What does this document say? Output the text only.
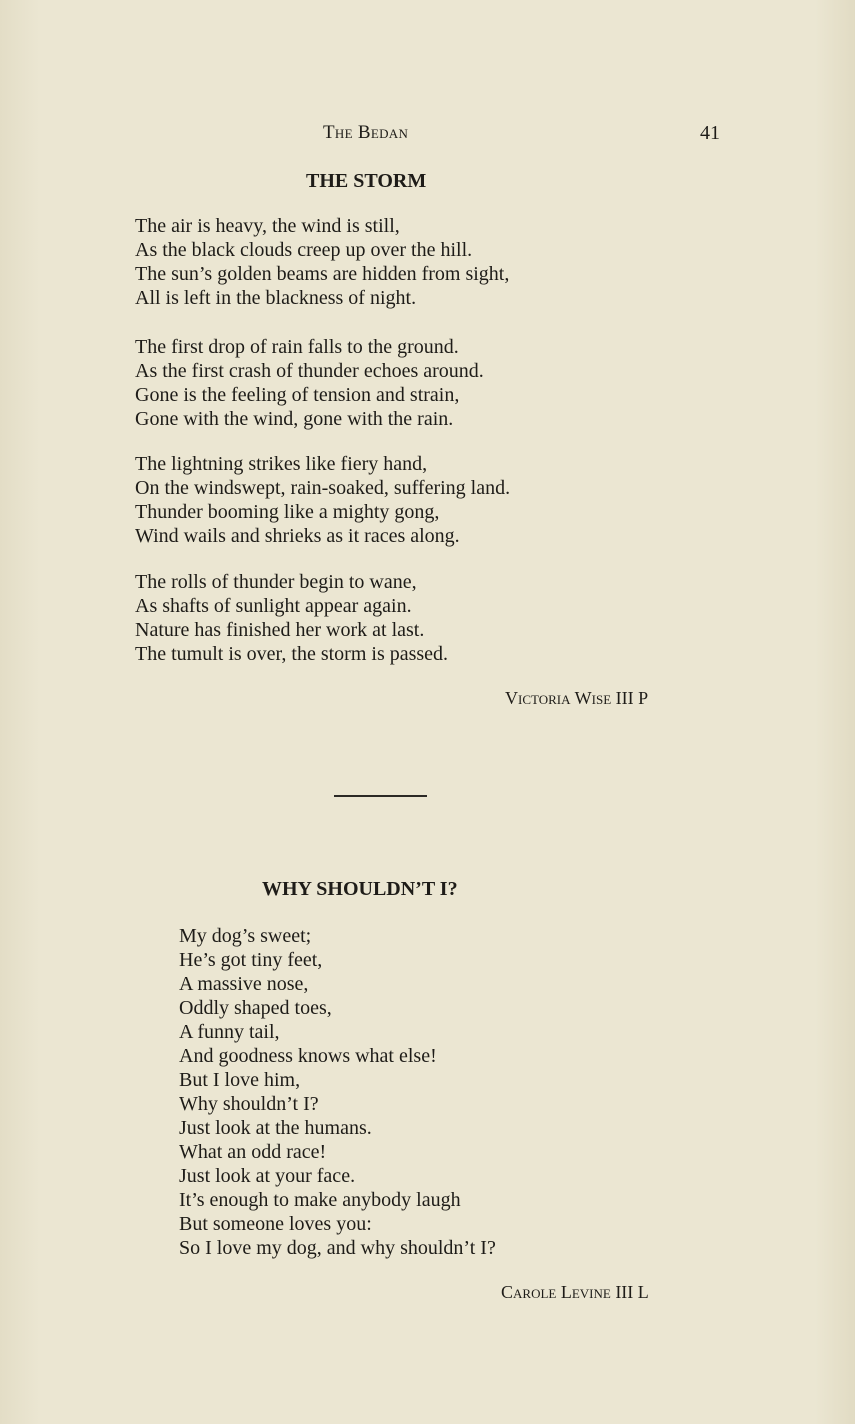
The Bedan	41
THE STORM

The air is heavy, the wind is still,
As the black clouds creep up over the hill.
The sun’s golden beams are hidden from sight,
All is left in the blackness of night.

The first drop of rain falls to the ground.
As the first crash of thunder echoes around.
Gone is the feeling of tension and strain,
Gone with the wind, gone with the rain.

The lightning strikes like fiery hand,
On the windswept, rain-soaked, suffering land.
Thunder booming like a mighty gong,
Wind wails and shrieks as it races along.

The rolls of thunder begin to wane,
As shafts of sunlight appear again.
Nature has finished her work at last.
The tumult is over, the storm is passed.

Victoria Wise III P
WHY SHOULDN’T I?

My dog’s sweet;
He’s got tiny feet,
A massive nose,
Oddly shaped toes,
A funny tail,
And goodness knows what else!
But I love him,
Why shouldn’t I?
Just look at the humans.
What an odd race!
Just look at your face.
It’s enough to make anybody laugh
But someone loves you:
So I love my dog, and why shouldn’t I?

Carole Levine III L
